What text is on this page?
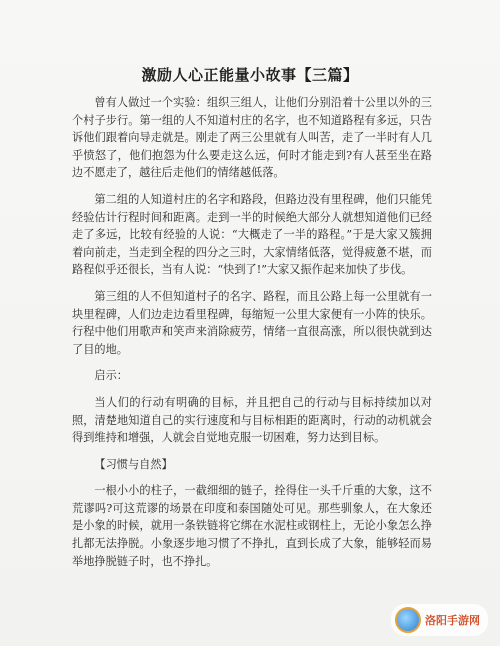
激励人心正能量小故事【三篇】

曾有人做过一个实验：组织三组人，让他们分别沿着十公里以外的三个村子步行。第一组的人不知道村庄的名字，也不知道路程有多远，只告诉他们跟着向导走就是。刚走了两三公里就有人叫苦，走了一半时有人几乎愤怒了，他们抱怨为什么要走这么远，何时才能走到?有人甚至坐在路边不愿走了，越往后走他们的情绪越低落。

第二组的人知道村庄的名字和路段，但路边没有里程碑，他们只能凭经验估计行程时间和距离。走到一半的时候绝大部分人就想知道他们已经走了多远，比较有经验的人说：“大概走了一半的路程。”于是大家又簇拥着向前走，当走到全程的四分之三时，大家情绪低落，觉得疲惫不堪，而路程似乎还很长，当有人说：“快到了!”大家又振作起来加快了步伐。

第三组的人不但知道村子的名字、路程，而且公路上每一公里就有一块里程碑，人们边走边看里程碑，每缩短一公里大家便有一小阵的快乐。行程中他们用歌声和笑声来消除疲劳，情绪一直很高涨，所以很快就到达了目的地。

启示：

当人们的行动有明确的目标，并且把自己的行动与目标持续加以对照，清楚地知道自己的实行速度和与目标相距的距离时，行动的动机就会得到维持和增强，人就会自觉地克服一切困难，努力达到目标。

【习惯与自然】

一根小小的柱子，一截细细的链子，拴得住一头千斤重的大象，这不荒谬吗?可这荒谬的场景在印度和泰国随处可见。那些驯象人，在大象还是小象的时候，就用一条铁链将它绑在水泥柱或钢柱上，无论小象怎么挣扎都无法挣脱。小象逐步地习惯了不挣扎，直到长成了大象，能够轻而易举地挣脱链子时，也不挣扎。

洛阳手游网
